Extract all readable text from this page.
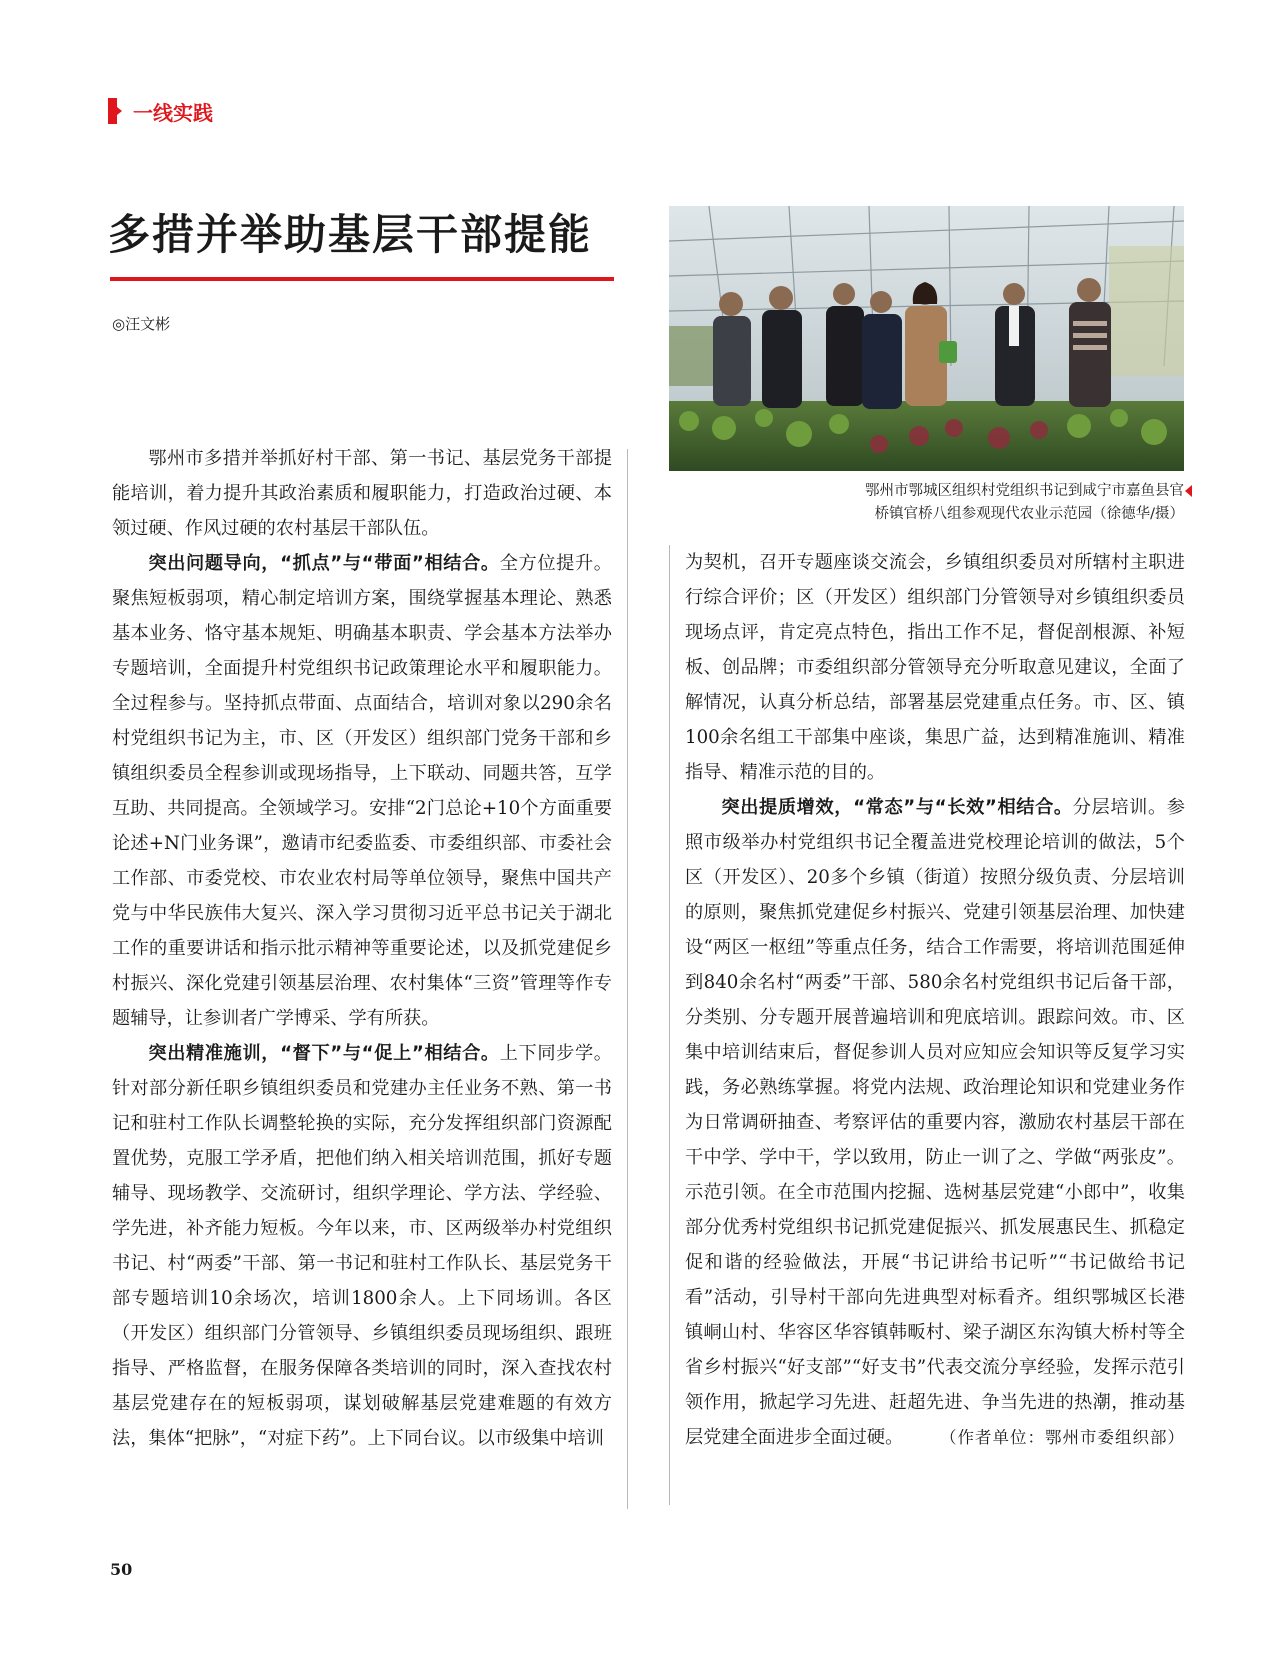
一线实践
多措并举助基层干部提能
◎汪文彬
鄂州市鄂城区组织村党组织书记到咸宁市嘉鱼县官
桥镇官桥八组参观现代农业示范园（徐德华/摄）

鄂州市多措并举抓好村干部、第一书记、基层党务干部提能培训，着力提升其政治素质和履职能力，打造政治过硬、本领过硬、作风过硬的农村基层干部队伍。

突出问题导向，“抓点”与“带面”相结合。全方位提升。聚焦短板弱项，精心制定培训方案，围绕掌握基本理论、熟悉基本业务、恪守基本规矩、明确基本职责、学会基本方法举办专题培训，全面提升村党组织书记政策理论水平和履职能力。全过程参与。坚持抓点带面、点面结合，培训对象以290余名村党组织书记为主，市、区（开发区）组织部门党务干部和乡镇组织委员全程参训或现场指导，上下联动、同题共答，互学互助、共同提高。全领域学习。安排“2门总论+10个方面重要论述+N门业务课”，邀请市纪委监委、市委组织部、市委社会工作部、市委党校、市农业农村局等单位领导，聚焦中国共产党与中华民族伟大复兴、深入学习贯彻习近平总书记关于湖北工作的重要讲话和指示批示精神等重要论述，以及抓党建促乡村振兴、深化党建引领基层治理、农村集体“三资”管理等作专题辅导，让参训者广学博采、学有所获。

突出精准施训，“督下”与“促上”相结合。上下同步学。针对部分新任职乡镇组织委员和党建办主任业务不熟、第一书记和驻村工作队长调整轮换的实际，充分发挥组织部门资源配置优势，克服工学矛盾，把他们纳入相关培训范围，抓好专题辅导、现场教学、交流研讨，组织学理论、学方法、学经验、学先进，补齐能力短板。今年以来，市、区两级举办村党组织书记、村“两委”干部、第一书记和驻村工作队长、基层党务干部专题培训10余场次，培训1800余人。上下同场训。各区（开发区）组织部门分管领导、乡镇组织委员现场组织、跟班指导、严格监督，在服务保障各类培训的同时，深入查找农村基层党建存在的短板弱项，谋划破解基层党建难题的有效方法，集体“把脉”，“对症下药”。上下同台议。以市级集中培训

为契机，召开专题座谈交流会，乡镇组织委员对所辖村主职进行综合评价；区（开发区）组织部门分管领导对乡镇组织委员现场点评，肯定亮点特色，指出工作不足，督促剖根源、补短板、创品牌；市委组织部分管领导充分听取意见建议，全面了解情况，认真分析总结，部署基层党建重点任务。市、区、镇100余名组工干部集中座谈，集思广益，达到精准施训、精准指导、精准示范的目的。

突出提质增效，“常态”与“长效”相结合。分层培训。参照市级举办村党组织书记全覆盖进党校理论培训的做法，5个区（开发区）、20多个乡镇（街道）按照分级负责、分层培训的原则，聚焦抓党建促乡村振兴、党建引领基层治理、加快建设“两区一枢纽”等重点任务，结合工作需要，将培训范围延伸到840余名村“两委”干部、580余名村党组织书记后备干部，分类别、分专题开展普遍培训和兜底培训。跟踪问效。市、区集中培训结束后，督促参训人员对应知应会知识等反复学习实践，务必熟练掌握。将党内法规、政治理论知识和党建业务作为日常调研抽查、考察评估的重要内容，激励农村基层干部在干中学、学中干，学以致用，防止一训了之、学做“两张皮”。示范引领。在全市范围内挖掘、选树基层党建“小郎中”，收集部分优秀村党组织书记抓党建促振兴、抓发展惠民生、抓稳定促和谐的经验做法，开展“书记讲给书记听”“书记做给书记看”活动，引导村干部向先进典型对标看齐。组织鄂城区长港镇峒山村、华容区华容镇韩畈村、梁子湖区东沟镇大桥村等全省乡村振兴“好支部”“好支书”代表交流分享经验，发挥示范引领作用，掀起学习先进、赶超先进、争当先进的热潮，推动基层党建全面进步全面过硬。	（作者单位：鄂州市委组织部）

50
